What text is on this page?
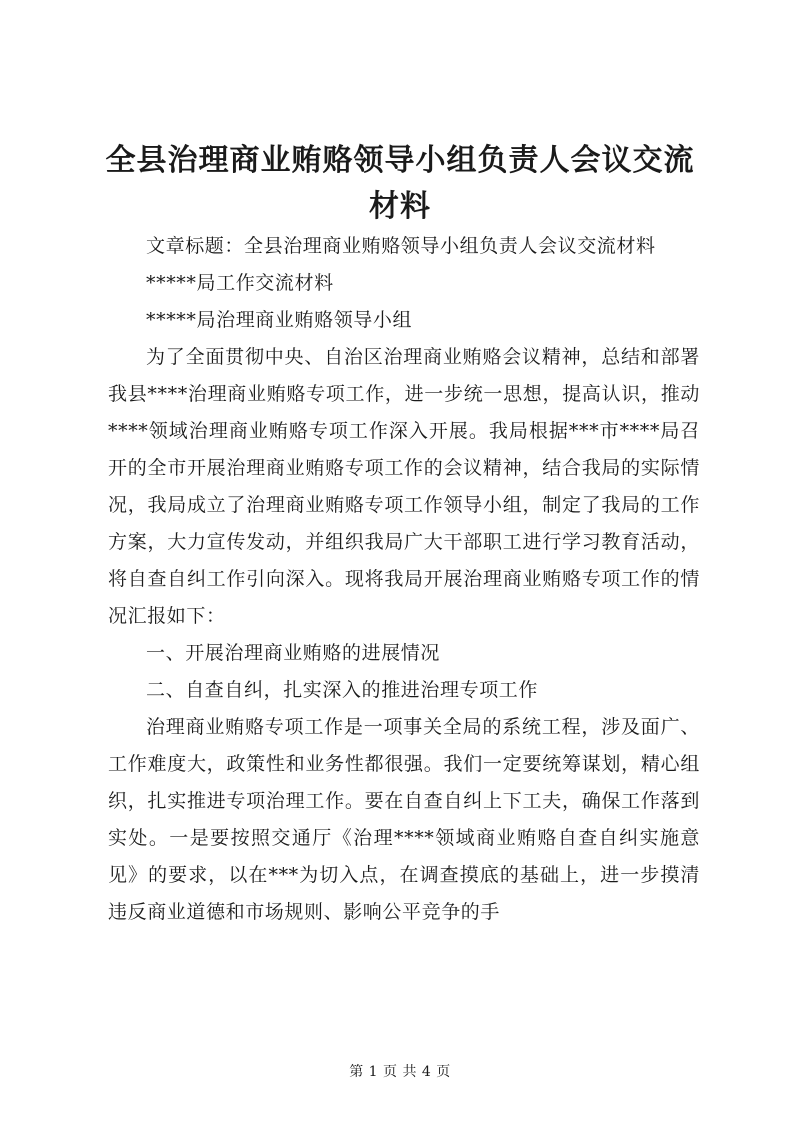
全县治理商业贿赂领导小组负责人会议交流材料

文章标题：全县治理商业贿赂领导小组负责人会议交流材料

*****局工作交流材料

*****局治理商业贿赂领导小组

为了全面贯彻中央、自治区治理商业贿赂会议精神，总结和部署我县****治理商业贿赂专项工作，进一步统一思想，提高认识，推动****领域治理商业贿赂专项工作深入开展。我局根据***市****局召开的全市开展治理商业贿赂专项工作的会议精神，结合我局的实际情况，我局成立了治理商业贿赂专项工作领导小组，制定了我局的工作方案，大力宣传发动，并组织我局广大干部职工进行学习教育活动，将自查自纠工作引向深入。现将我局开展治理商业贿赂专项工作的情况汇报如下：

一、开展治理商业贿赂的进展情况

二、自查自纠，扎实深入的推进治理专项工作

治理商业贿赂专项工作是一项事关全局的系统工程，涉及面广、工作难度大，政策性和业务性都很强。我们一定要统筹谋划，精心组织，扎实推进专项治理工作。要在自查自纠上下工夫，确保工作落到实处。一是要按照交通厅《治理****领域商业贿赂自查自纠实施意见》的要求，以在***为切入点，在调查摸底的基础上，进一步摸清违反商业道德和市场规则、影响公平竞争的手

第 1 页 共 4 页
